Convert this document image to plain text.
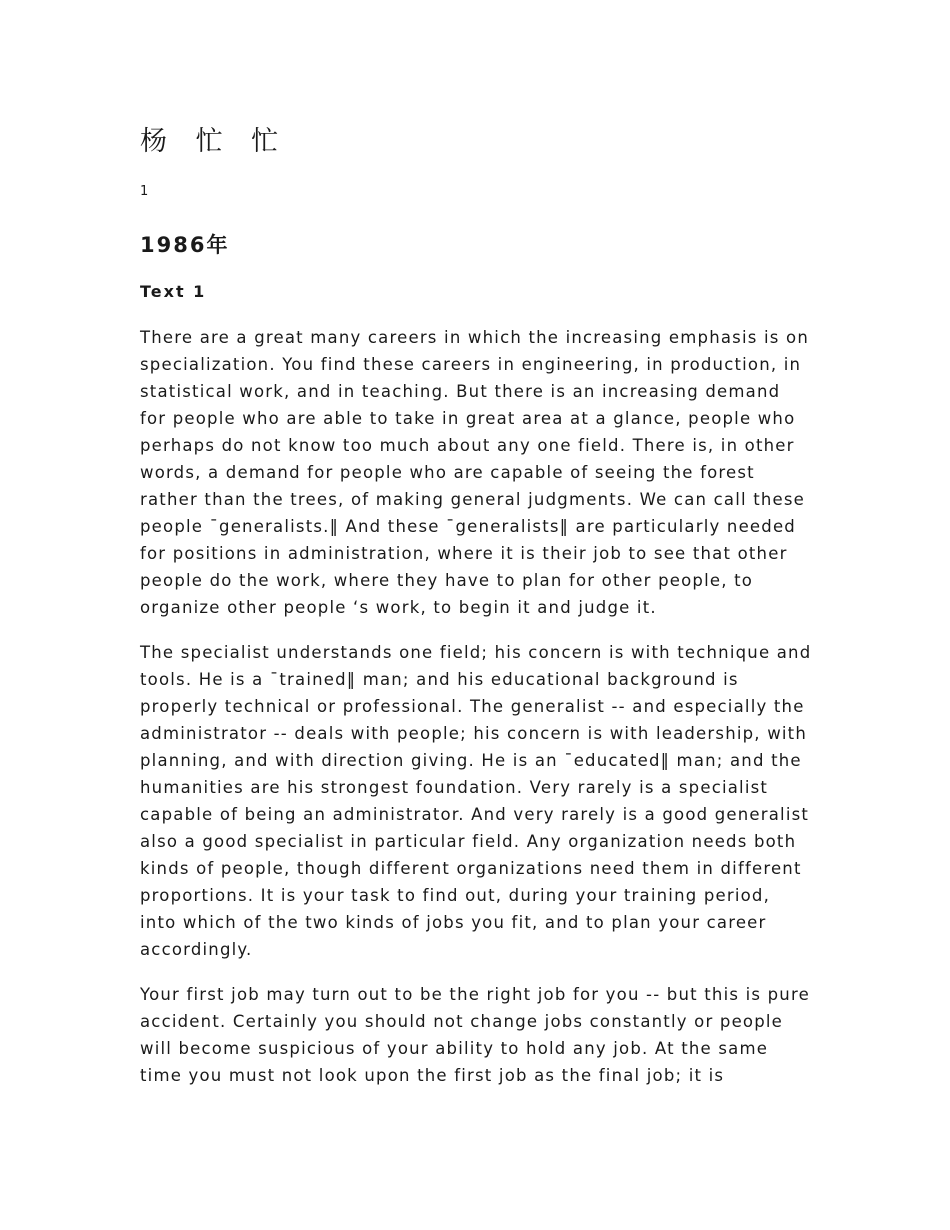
杨 忙 忙
1
1986年
Text 1

There are a great many careers in which the increasing emphasis is on specialization. You find these careers in engineering, in production, in statistical work, and in teaching. But there is an increasing demand for people who are able to take in great area at a glance, people who perhaps do not know too much about any one field. There is, in other words, a demand for people who are capable of seeing the forest rather than the trees, of making general judgments. We can call these people ¯generalists.‖ And these ¯generalists‖ are particularly needed for positions in administration, where it is their job to see that other people do the work, where they have to plan for other people, to organize other people ‘s work, to begin it and judge it.

The specialist understands one field; his concern is with technique and tools. He is a ¯trained‖ man; and his educational background is properly technical or professional. The generalist -- and especially the administrator -- deals with people; his concern is with leadership, with planning, and with direction giving. He is an ¯educated‖ man; and the humanities are his strongest foundation. Very rarely is a specialist capable of being an administrator. And very rarely is a good generalist also a good specialist in particular field. Any organization needs both kinds of people, though different organizations need them in different proportions. It is your task to find out, during your training period, into which of the two kinds of jobs you fit, and to plan your career accordingly.

Your first job may turn out to be the right job for you -- but this is pure accident. Certainly you should not change jobs constantly or people will become suspicious of your ability to hold any job. At the same time you must not look upon the first job as the final job; it is
